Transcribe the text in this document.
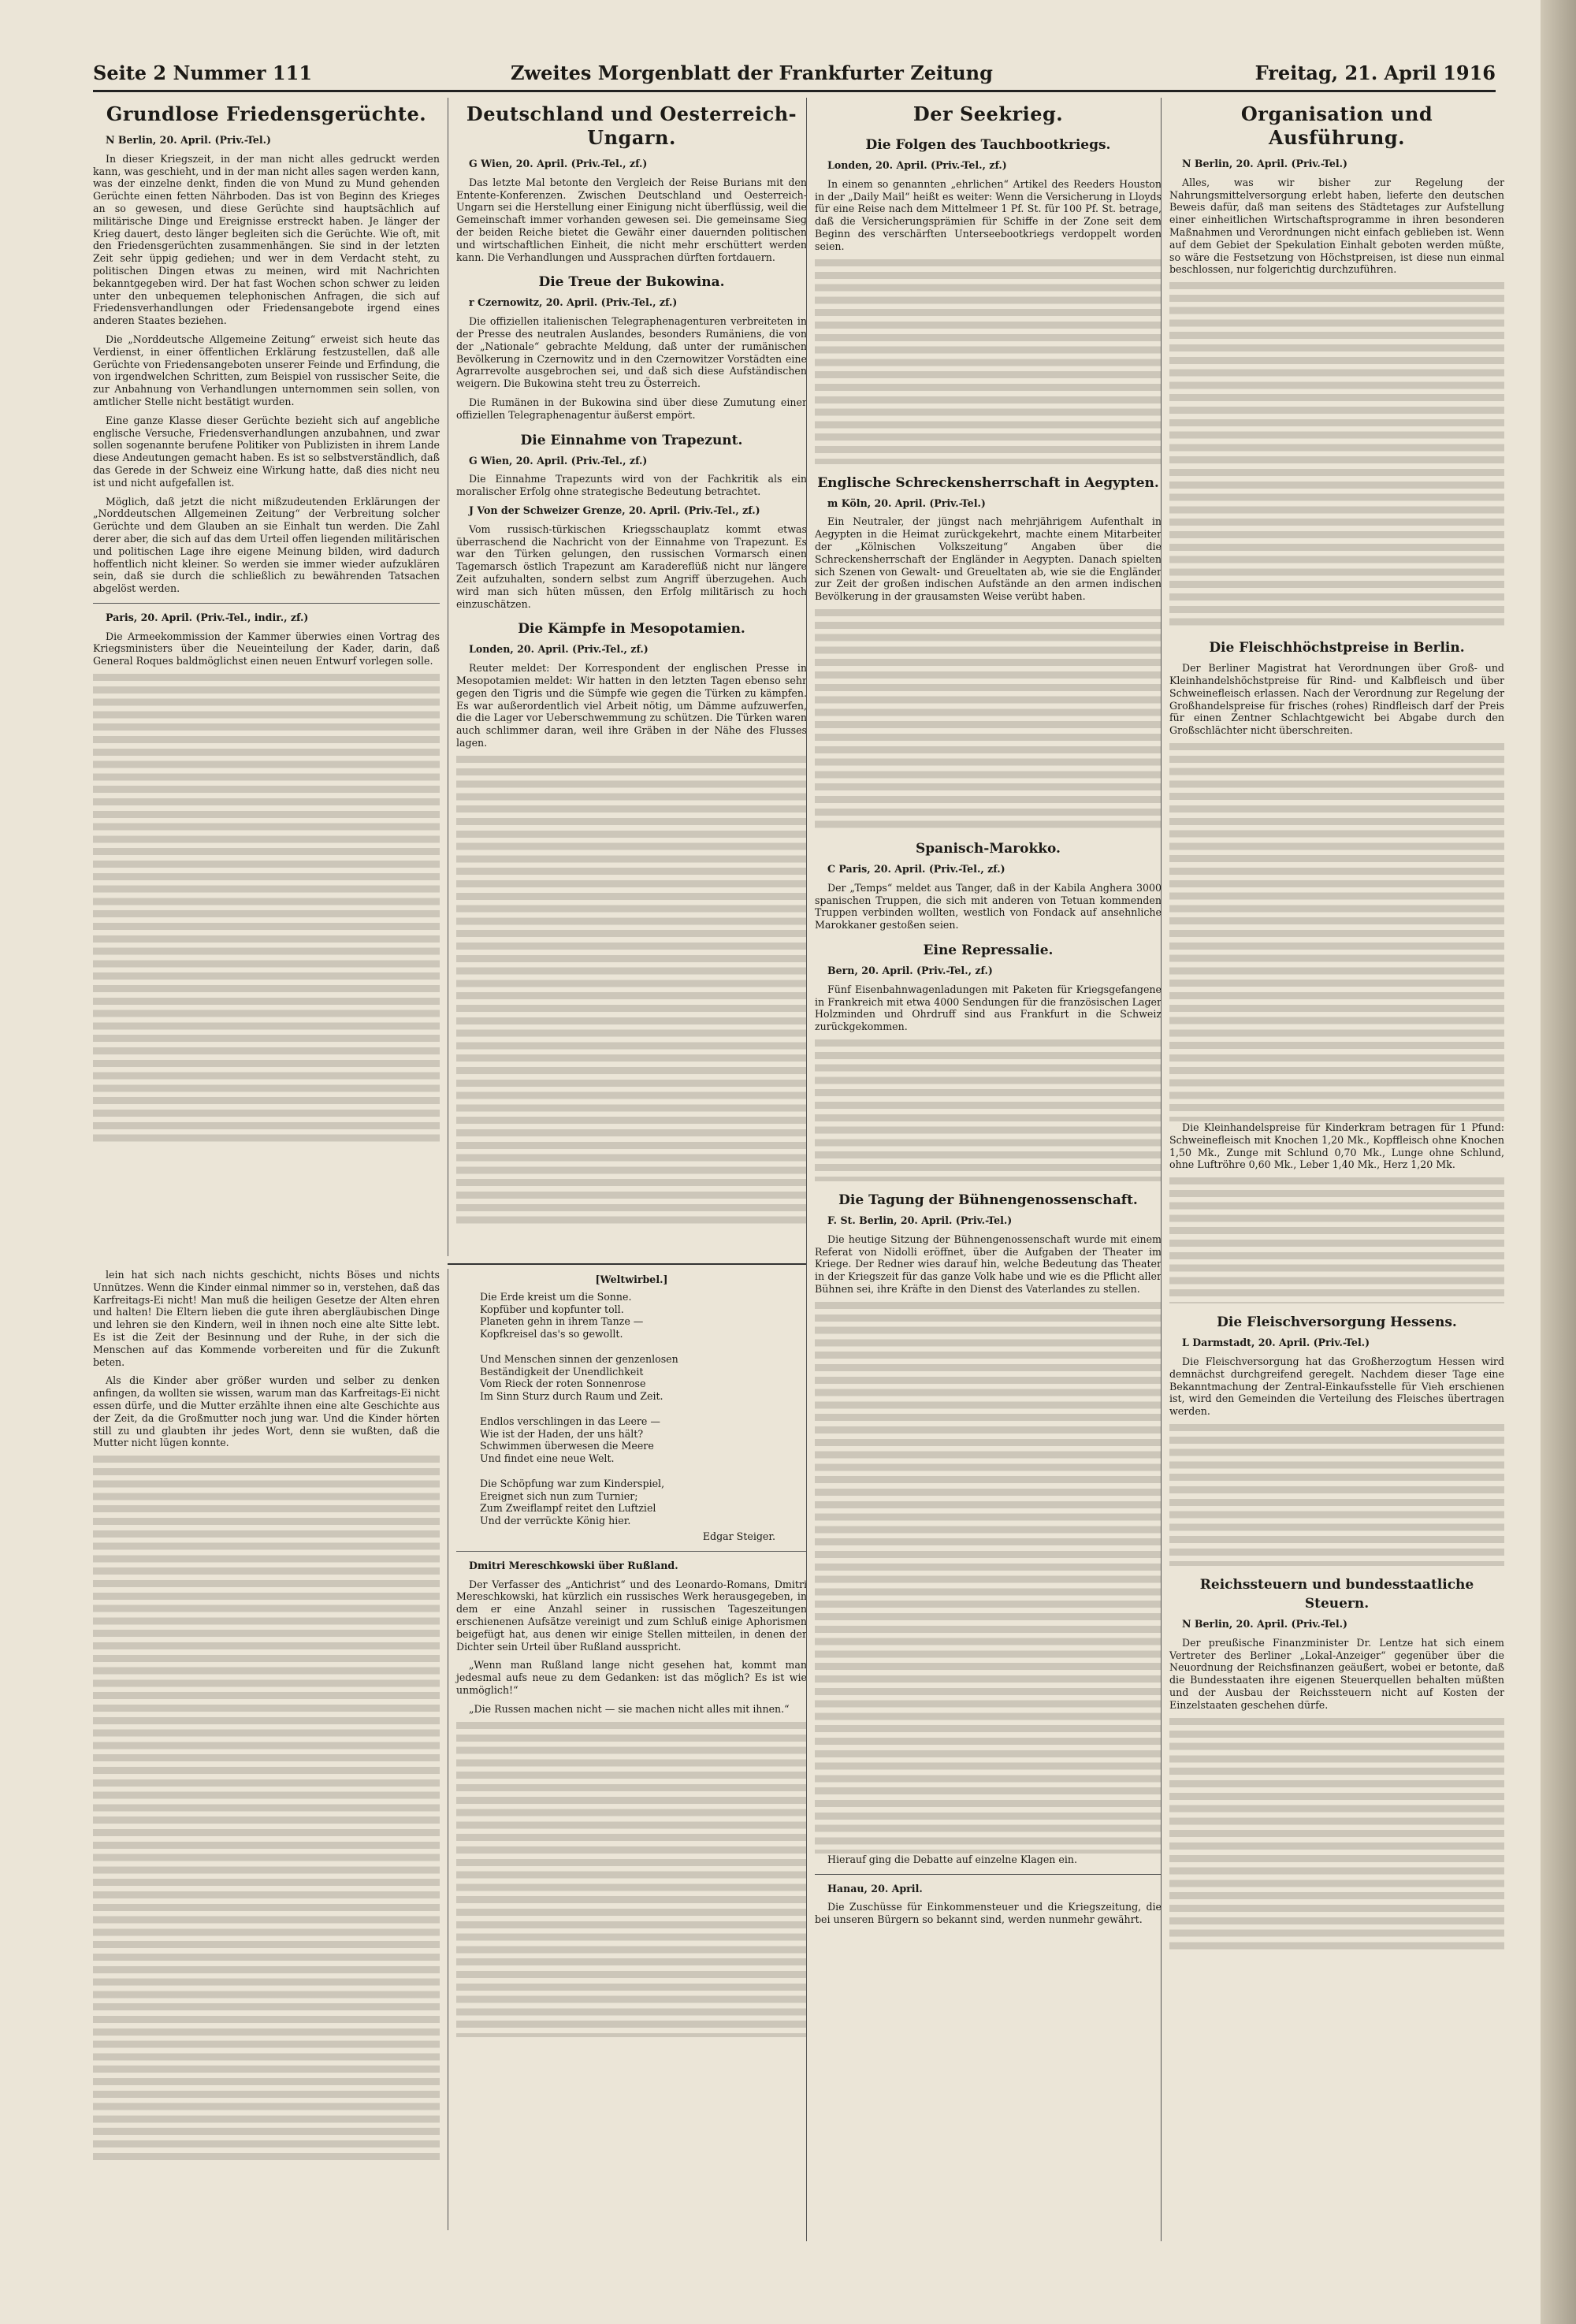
Seite 2 Nummer 111	Zweites Morgenblatt der Frankfurter Zeitung	Freitag, 21. April 1916
Grundlose Friedensgerüchte.

N Berlin, 20. April. (Priv.-Tel.)

In dieser Kriegszeit, in der man nicht alles gedruckt werden kann, was geschieht, und in der man nicht alles sagen werden kann, was der einzelne denkt, finden die von Mund zu Mund gehenden Gerüchte einen fetten Nährboden. Das ist von Beginn des Krieges an so gewesen, und diese Gerüchte sind hauptsächlich auf militärische Dinge und Ereignisse erstreckt haben. Je länger der Krieg dauert, desto länger begleiten sich die Gerüchte. Wie oft, mit den Friedensgerüchten zusammenhängen. Sie sind in der letzten Zeit sehr üppig gediehen; und wer in dem Verdacht steht, zu politischen Dingen etwas zu meinen, wird mit Nachrichten bekanntgegeben wird. Der hat fast Wochen schon schwer zu leiden unter den unbequemen telephonischen Anfragen, die sich auf Friedensverhandlungen oder Friedensangebote irgend eines anderen Staates beziehen.

Die „Norddeutsche Allgemeine Zeitung“ erweist sich heute das Verdienst, in einer öffentlichen Erklärung festzustellen, daß alle Gerüchte von Friedensangeboten unserer Feinde und Erfindung, die von irgendwelchen Schritten, zum Beispiel von russischer Seite, die zur Anbahnung von Verhandlungen unternommen sein sollen, von amtlicher Stelle nicht bestätigt wurden.

Eine ganze Klasse dieser Gerüchte bezieht sich auf angebliche englische Versuche, Friedensverhandlungen anzubahnen, und zwar sollen sogenannte berufene Politiker von Publizisten in ihrem Lande diese Andeutungen gemacht haben. Es ist so selbstverständlich, daß das Gerede in der Schweiz eine Wirkung hatte, daß dies nicht neu ist und nicht aufgefallen ist.

Möglich, daß jetzt die nicht mißzudeutenden Erklärungen der „Norddeutschen Allgemeinen Zeitung“ der Verbreitung solcher Gerüchte und dem Glauben an sie Einhalt tun werden. Die Zahl derer aber, die sich auf das dem Urteil offen liegenden militärischen und politischen Lage ihre eigene Meinung bilden, wird dadurch hoffentlich nicht kleiner. So werden sie immer wieder aufzuklären sein, daß sie durch die schließlich zu bewährenden Tatsachen abgelöst werden.

Paris, 20. April. (Priv.-Tel., indir., zf.)

Die Armeekommission der Kammer überwies einen Vortrag des Kriegsministers über die Neueinteilung der Kader, darin, daß General Roques baldmöglichst einen neuen Entwurf vorlegen solle.

lein hat sich nach nichts geschicht, nichts Böses und nichts Unnützes. Wenn die Kinder einmal nimmer so in, verstehen, daß das Karfreitags-Ei nicht! Man muß die heiligen Gesetze der Alten ehren und halten! Die Eltern lieben die gute ihren abergläubischen Dinge und lehren sie den Kindern, weil in ihnen noch eine alte Sitte lebt. Es ist die Zeit der Besinnung und der Ruhe, in der sich die Menschen auf das Kommende vorbereiten und für die Zukunft beten.

Als die Kinder aber größer wurden und selber zu denken anfingen, da wollten sie wissen, warum man das Karfreitags-Ei nicht essen dürfe, und die Mutter erzählte ihnen eine alte Geschichte aus der Zeit, da die Großmutter noch jung war. Und die Kinder hörten still zu und glaubten ihr jedes Wort, denn sie wußten, daß die Mutter nicht lügen konnte.

Deutschland und Oesterreich-Ungarn.

G Wien, 20. April. (Priv.-Tel., zf.)

Das letzte Mal betonte den Vergleich der Reise Burians mit den Entente-Konferenzen. Zwischen Deutschland und Oesterreich-Ungarn sei die Herstellung einer Einigung nicht überflüssig, weil die Gemeinschaft immer vorhanden gewesen sei. Die gemeinsame Sieg der beiden Reiche bietet die Gewähr einer dauernden politischen und wirtschaftlichen Einheit, die nicht mehr erschüttert werden kann. Die Verhandlungen und Aussprachen dürften fortdauern.

Die Treue der Bukowina.

r Czernowitz, 20. April. (Priv.-Tel., zf.)

Die offiziellen italienischen Telegraphenagenturen verbreiteten in der Presse des neutralen Auslandes, besonders Rumäniens, die von der „Nationale“ gebrachte Meldung, daß unter der rumänischen Bevölkerung in Czernowitz und in den Czernowitzer Vorstädten eine Agrarrevolte ausgebrochen sei, und daß sich diese Aufständischen weigern. Die Bukowina steht treu zu Österreich.

Die Rumänen in der Bukowina sind über diese Zumutung einer offiziellen Telegraphenagentur äußerst empört.

Die Einnahme von Trapezunt.

G Wien, 20. April. (Priv.-Tel., zf.)

Die Einnahme Trapezunts wird von der Fachkritik als ein moralischer Erfolg ohne strategische Bedeutung betrachtet.

J Von der Schweizer Grenze, 20. April. (Priv.-Tel., zf.)

Vom russisch-türkischen Kriegsschauplatz kommt etwas überraschend die Nachricht von der Einnahme von Trapezunt. Es war den Türken gelungen, den russischen Vormarsch einen Tagemarsch östlich Trapezunt am Karadereflüß nicht nur längere Zeit aufzuhalten, sondern selbst zum Angriff überzugehen. Auch wird man sich hüten müssen, den Erfolg militärisch zu hoch einzuschätzen.

Die Kämpfe in Mesopotamien.

Londen, 20. April. (Priv.-Tel., zf.)

Reuter meldet: Der Korrespondent der englischen Presse in Mesopotamien meldet: Wir hatten in den letzten Tagen ebenso sehr gegen den Tigris und die Sümpfe wie gegen die Türken zu kämpfen. Es war außerordentlich viel Arbeit nötig, um Dämme aufzuwerfen, die die Lager vor Ueberschwemmung zu schützen. Die Türken waren auch schlimmer daran, weil ihre Gräben in der Nähe des Flusses lagen.

[Weltwirbel.]
Die Erde kreist um die Sonne.
Kopfüber und kopfunter toll.
Planeten gehn in ihrem Tanze —
Kopfkreisel das's so gewollt.

Und Menschen sinnen der genzenlosen
Beständigkeit der Unendlichkeit
Vom Rieck der roten Sonnenrose
Im Sinn Sturz durch Raum und Zeit.

Endlos verschlingen in das Leere —
Wie ist der Haden, der uns hält?
Schwimmen überwesen die Meere
Und findet eine neue Welt.

Die Schöpfung war zum Kinderspiel,
Ereignet sich nun zum Turnier;
Zum Zweiflampf reitet den Luftziel
Und der verrückte König hier.
Edgar Steiger.

Dmitri Mereschkowski über Rußland.

Der Verfasser des „Antichrist“ und des Leonardo-Romans, Dmitri Mereschkowski, hat kürzlich ein russisches Werk herausgegeben, in dem er eine Anzahl seiner in russischen Tageszeitungen erschienenen Aufsätze vereinigt und zum Schluß einige Aphorismen beigefügt hat, aus denen wir einige Stellen mitteilen, in denen der Dichter sein Urteil über Rußland ausspricht.

„Wenn man Rußland lange nicht gesehen hat, kommt man jedesmal aufs neue zu dem Gedanken: ist das möglich? Es ist wie unmöglich!“

„Die Russen machen nicht — sie machen nicht alles mit ihnen.“

Der Seekrieg.
Die Folgen des Tauchbootkriegs.

Londen, 20. April. (Priv.-Tel., zf.)

In einem so genannten „ehrlichen“ Artikel des Reeders Houston in der „Daily Mail“ heißt es weiter: Wenn die Versicherung in Lloyds für eine Reise nach dem Mittelmeer 1 Pf. St. für 100 Pf. St. betrage, daß die Versicherungsprämien für Schiffe in der Zone seit dem Beginn des verschärften Unterseebootkriegs verdoppelt worden seien.

Englische Schreckensherrschaft in Aegypten.

m Köln, 20. April. (Priv.-Tel.)

Ein Neutraler, der jüngst nach mehrjährigem Aufenthalt in Aegypten in die Heimat zurückgekehrt, machte einem Mitarbeiter der „Kölnischen Volkszeitung“ Angaben über die Schreckensherrschaft der Engländer in Aegypten. Danach spielten sich Szenen von Gewalt- und Greueltaten ab, wie sie die Engländer zur Zeit der großen indischen Aufstände an den armen indischen Bevölkerung in der grausamsten Weise verübt haben.

Spanisch-Marokko.

C Paris, 20. April. (Priv.-Tel., zf.)

Der „Temps“ meldet aus Tanger, daß in der Kabila Anghera 3000 spanischen Truppen, die sich mit anderen von Tetuan kommenden Truppen verbinden wollten, westlich von Fondack auf ansehnliche Marokkaner gestoßen seien.

Eine Repressalie.

Bern, 20. April. (Priv.-Tel., zf.)

Fünf Eisenbahnwagenladungen mit Paketen für Kriegsgefangene in Frankreich mit etwa 4000 Sendungen für die französischen Lager Holzminden und Ohrdruff sind aus Frankfurt in die Schweiz zurückgekommen.

Die Tagung der Bühnengenossenschaft.

F. St. Berlin, 20. April. (Priv.-Tel.)

Die heutige Sitzung der Bühnengenossenschaft wurde mit einem Referat von Nidolli eröffnet, über die Aufgaben der Theater im Kriege. Der Redner wies darauf hin, welche Bedeutung das Theater in der Kriegszeit für das ganze Volk habe und wie es die Pflicht aller Bühnen sei, ihre Kräfte in den Dienst des Vaterlandes zu stellen.

Hierauf ging die Debatte auf einzelne Klagen ein.

Hanau, 20. April.

Die Zuschüsse für Einkommensteuer und die Kriegszeitung, die bei unseren Bürgern so bekannt sind, werden nunmehr gewährt.

Organisation und Ausführung.

N Berlin, 20. April. (Priv.-Tel.)

Alles, was wir bisher zur Regelung der Nahrungsmittelversorgung erlebt haben, lieferte den deutschen Beweis dafür, daß man seitens des Städtetages zur Aufstellung einer einheitlichen Wirtschaftsprogramme in ihren besonderen Maßnahmen und Verordnungen nicht einfach geblieben ist. Wenn auf dem Gebiet der Spekulation Einhalt geboten werden müßte, so wäre die Festsetzung von Höchstpreisen, ist diese nun einmal beschlossen, nur folgerichtig durchzuführen.

Die Fleischhöchstpreise in Berlin.

Der Berliner Magistrat hat Verordnungen über Groß- und Kleinhandelshöchstpreise für Rind- und Kalbfleisch und über Schweinefleisch erlassen. Nach der Verordnung zur Regelung der Großhandelspreise für frisches (rohes) Rindfleisch darf der Preis für einen Zentner Schlachtgewicht bei Abgabe durch den Großschlächter nicht überschreiten.

Die Kleinhandelspreise für Kinderkram betragen für 1 Pfund: Schweinefleisch mit Knochen 1,20 Mk., Kopffleisch ohne Knochen 1,50 Mk., Zunge mit Schlund 0,70 Mk., Lunge ohne Schlund, ohne Luftröhre 0,60 Mk., Leber 1,40 Mk., Herz 1,20 Mk.

Die Fleischversorgung Hessens.

L Darmstadt, 20. April. (Priv.-Tel.)

Die Fleischversorgung hat das Großherzogtum Hessen wird demnächst durchgreifend geregelt. Nachdem dieser Tage eine Bekanntmachung der Zentral-Einkaufsstelle für Vieh erschienen ist, wird den Gemeinden die Verteilung des Fleisches übertragen werden.

Reichssteuern und bundesstaatliche Steuern.

N Berlin, 20. April. (Priv.-Tel.)

Der preußische Finanzminister Dr. Lentze hat sich einem Vertreter des Berliner „Lokal-Anzeiger“ gegenüber über die Neuordnung der Reichsfinanzen geäußert, wobei er betonte, daß die Bundesstaaten ihre eigenen Steuerquellen behalten müßten und der Ausbau der Reichssteuern nicht auf Kosten der Einzelstaaten geschehen dürfe.
